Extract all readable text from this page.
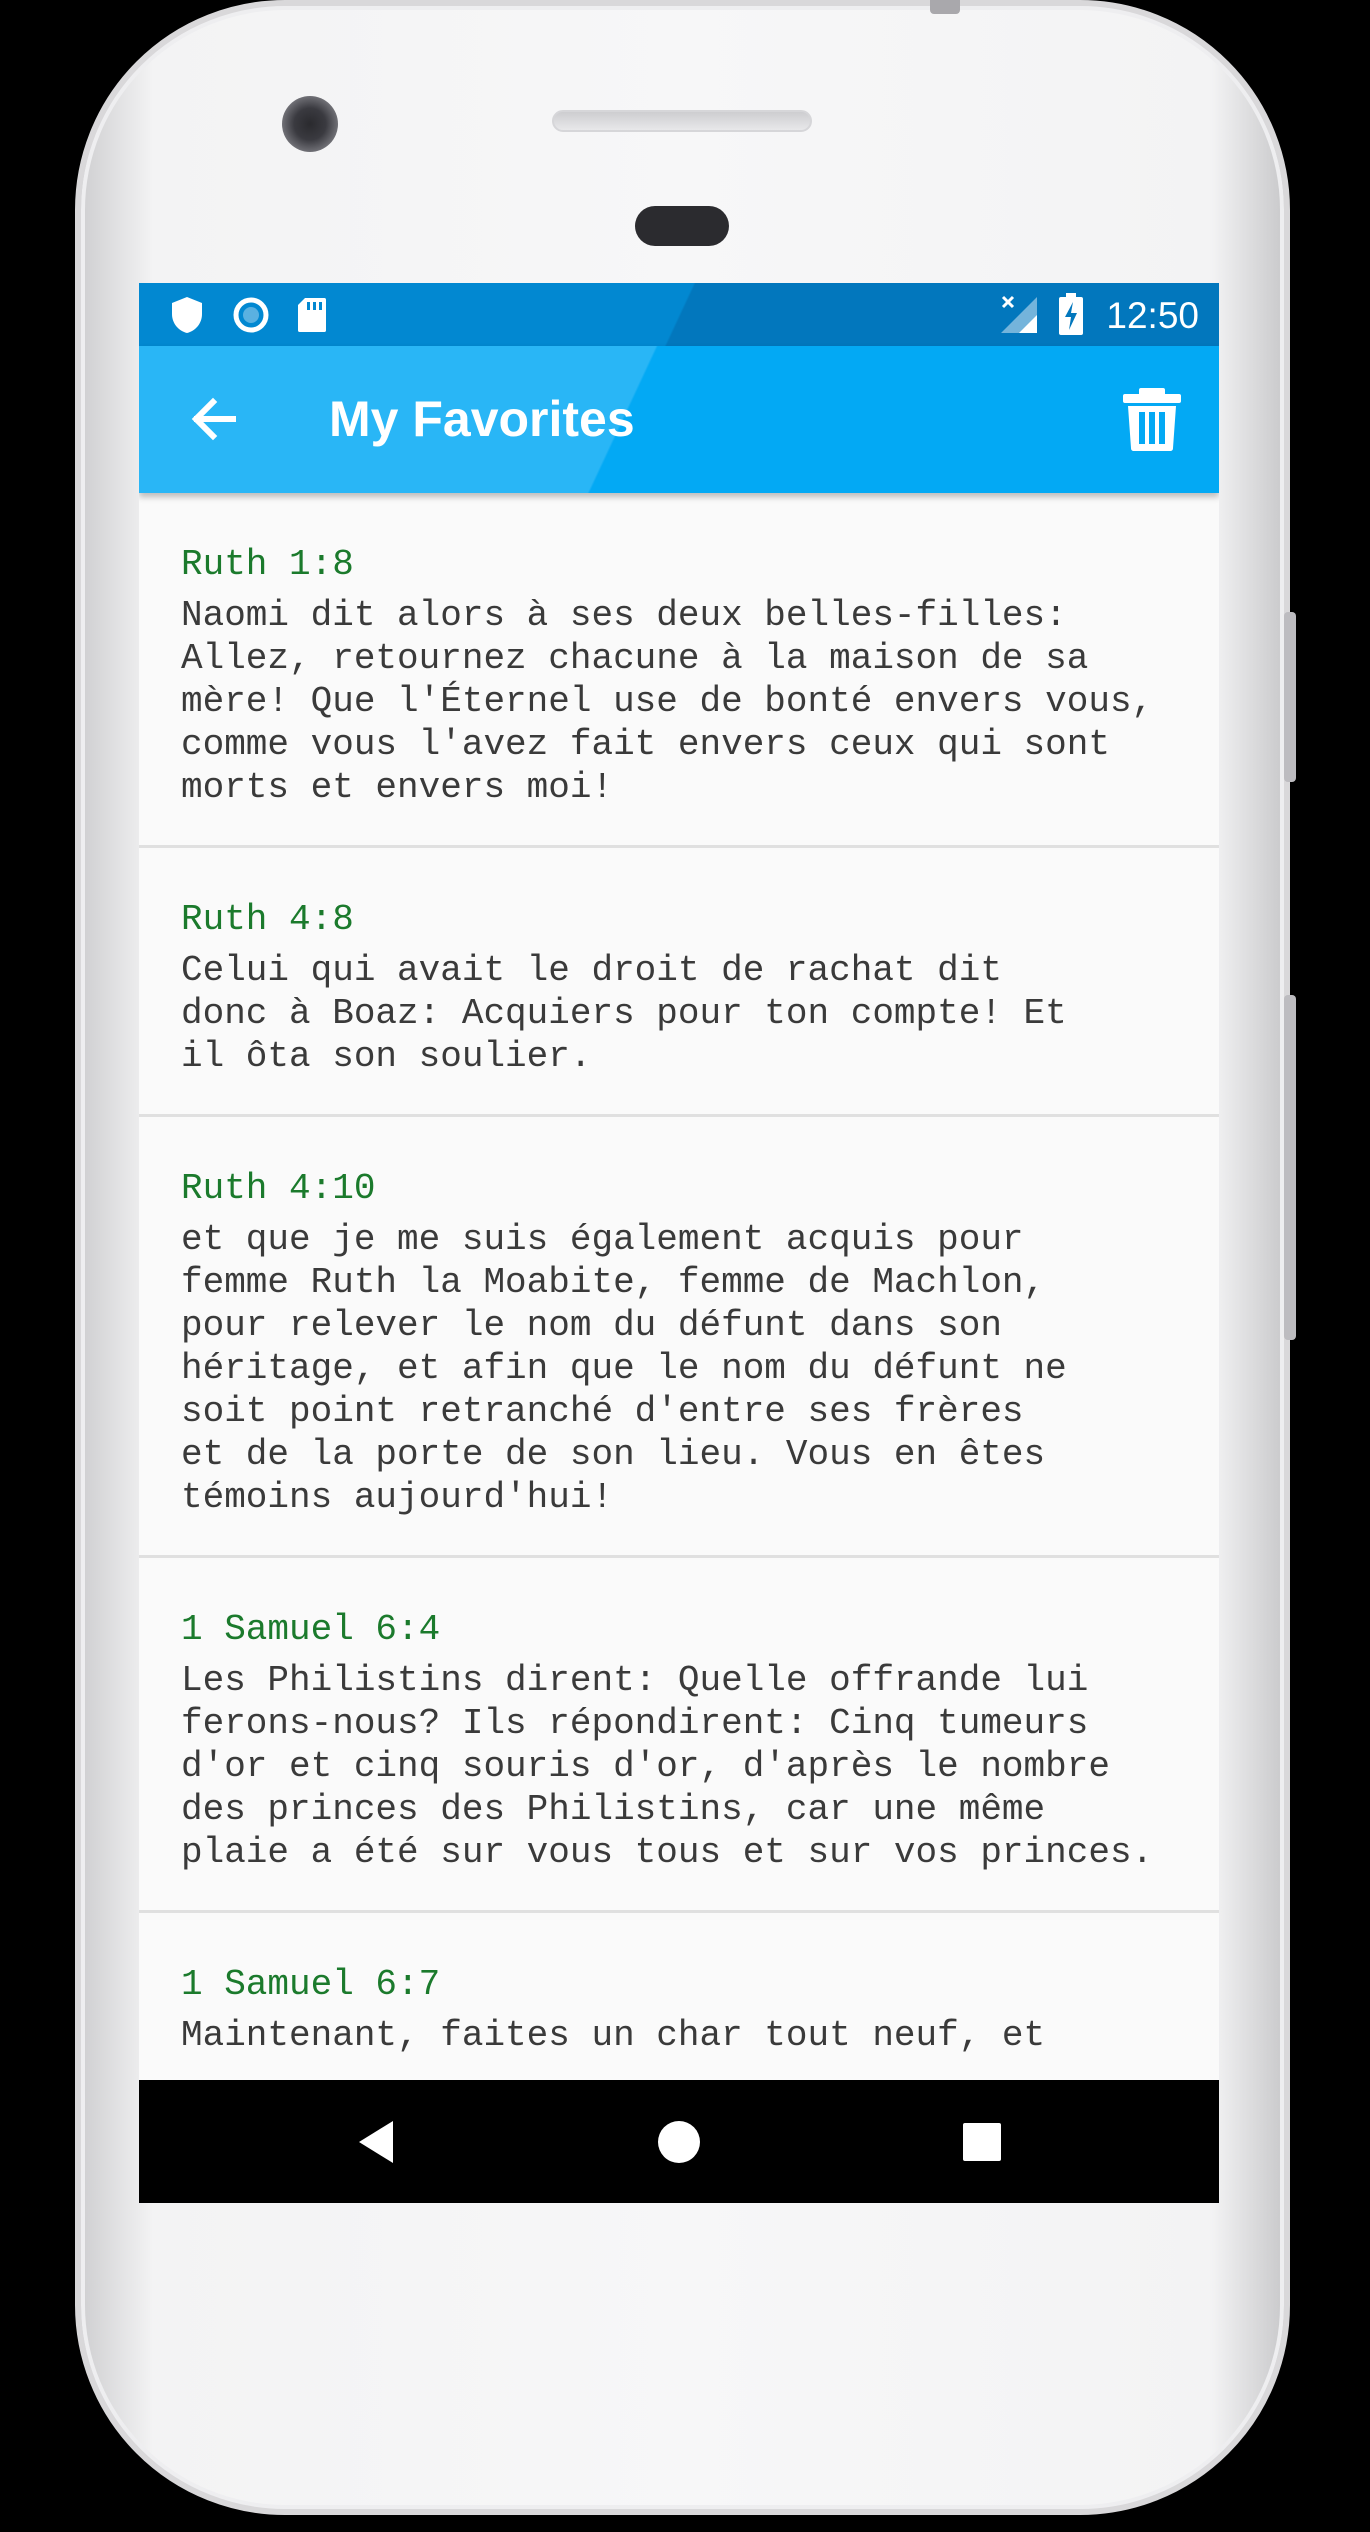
12:50
My Favorites
Ruth 1:8
Naomi dit alors à ses deux belles-filles:
Allez, retournez chacune à la maison de sa
mère! Que l'Éternel use de bonté envers vous,
comme vous l'avez fait envers ceux qui sont
morts et envers moi!
Ruth 4:8
Celui qui avait le droit de rachat dit
donc à Boaz: Acquiers pour ton compte! Et
il ôta son soulier.
Ruth 4:10
et que je me suis également acquis pour
femme Ruth la Moabite, femme de Machlon,
pour relever le nom du défunt dans son
héritage, et afin que le nom du défunt ne
soit point retranché d'entre ses frères
et de la porte de son lieu. Vous en êtes
témoins aujourd'hui!
1 Samuel 6:4
Les Philistins dirent: Quelle offrande lui
ferons-nous? Ils répondirent: Cinq tumeurs
d'or et cinq souris d'or, d'après le nombre
des princes des Philistins, car une même
plaie a été sur vous tous et sur vos princes.
1 Samuel 6:7
Maintenant, faites un char tout neuf, et
